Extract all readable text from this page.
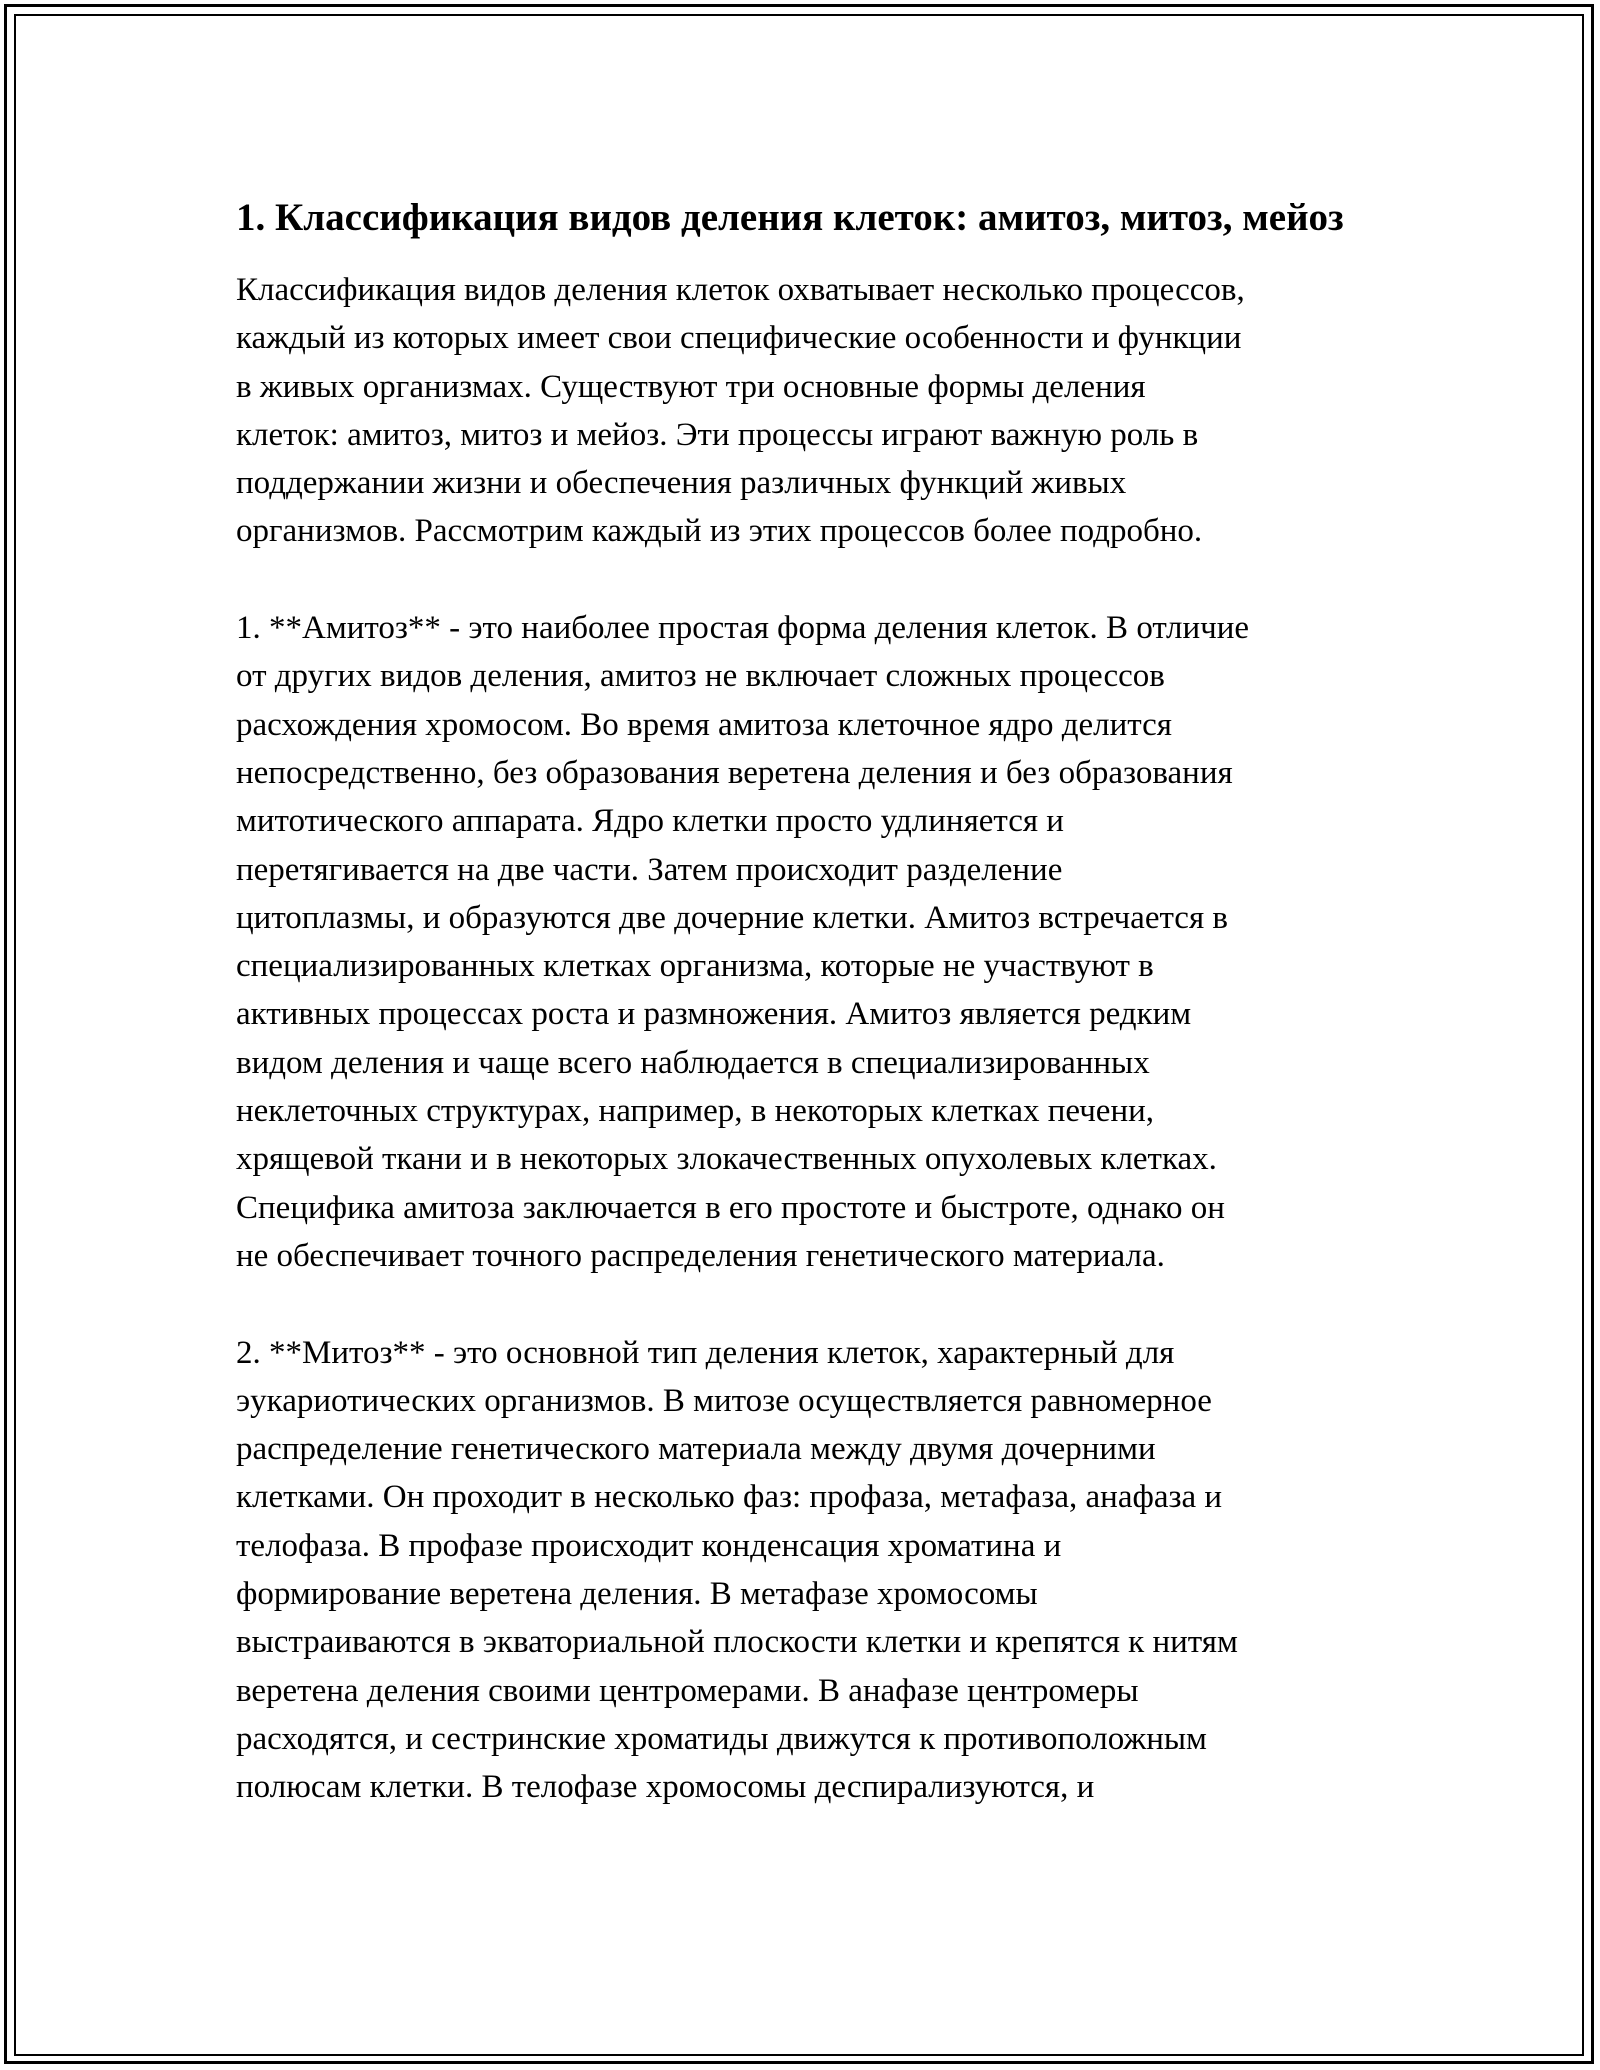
1. Классификация видов деления клеток: амитоз, митоз, мейоз

Классификация видов деления клеток охватывает несколько процессов,
каждый из которых имеет свои специфические особенности и функции
в живых организмах. Существуют три основные формы деления
клеток: амитоз, митоз и мейоз. Эти процессы играют важную роль в
поддержании жизни и обеспечения различных функций живых
организмов. Рассмотрим каждый из этих процессов более подробно.

1. **Амитоз** - это наиболее простая форма деления клеток. В отличие
от других видов деления, амитоз не включает сложных процессов
расхождения хромосом. Во время амитоза клеточное ядро делится
непосредственно, без образования веретена деления и без образования
митотического аппарата. Ядро клетки просто удлиняется и
перетягивается на две части. Затем происходит разделение
цитоплазмы, и образуются две дочерние клетки. Амитоз встречается в
специализированных клетках организма, которые не участвуют в
активных процессах роста и размножения. Амитоз является редким
видом деления и чаще всего наблюдается в специализированных
неклеточных структурах, например, в некоторых клетках печени,
хрящевой ткани и в некоторых злокачественных опухолевых клетках.
Специфика амитоза заключается в его простоте и быстроте, однако он
не обеспечивает точного распределения генетического материала.

2. **Митоз** - это основной тип деления клеток, характерный для
эукариотических организмов. В митозе осуществляется равномерное
распределение генетического материала между двумя дочерними
клетками. Он проходит в несколько фаз: профаза, метафаза, анафаза и
телофаза. В профазе происходит конденсация хроматина и
формирование веретена деления. В метафазе хромосомы
выстраиваются в экваториальной плоскости клетки и крепятся к нитям
веретена деления своими центромерами. В анафазе центромеры
расходятся, и сестринские хроматиды движутся к противоположным
полюсам клетки. В телофазе хромосомы деспирализуются, и
